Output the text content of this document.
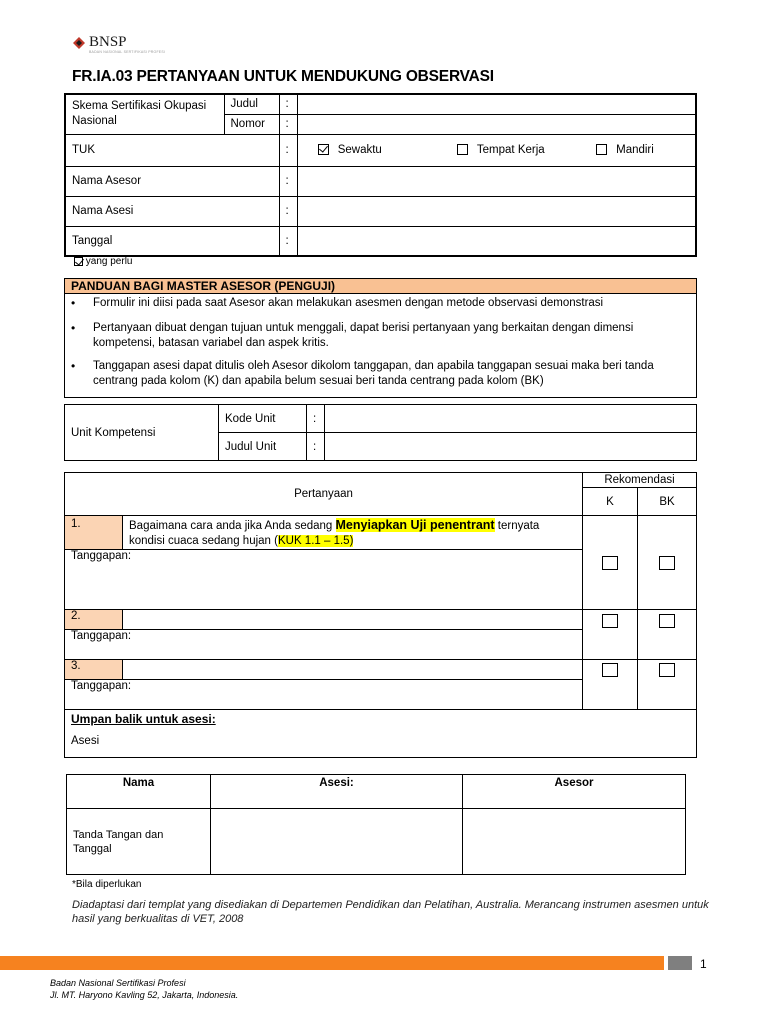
BNSP
BADAN NASIONAL SERTIFIKASI PROFESI
FR.IA.03 PERTANYAAN UNTUK MENDUKUNG OBSERVASI
Skema Sertifikasi Okupasi Nasional	Judul	:	
	Nomor	:	
TUK		:	Sewaktu Tempat Kerja Mandiri
Nama Asesor		:	
Nama Asesi		:	
Tanggal		:	
yang perlu
PANDUAN BAGI MASTER ASESOR (PENGUJI)

• Formulir ini diisi pada saat Asesor akan melakukan asesmen dengan metode observasi demonstrasi
• Pertanyaan dibuat dengan tujuan untuk menggali, dapat berisi pertanyaan yang berkaitan dengan dimensi kompetensi, batasan variabel dan aspek kritis.
• Tanggapan asesi dapat ditulis oleh Asesor dikolom tanggapan, dan apabila tanggapan sesuai maka beri tanda centrang pada kolom (K) dan apabila belum sesuai beri tanda centrang pada kolom (BK)
Unit Kompetensi	Kode Unit	:	
	Judul Unit	:	
Pertanyaan		Rekomendasi	
		K	BK
1.	Bagaimana cara anda jika Anda sedang Menyiapkan Uji penentrant ternyata kondisi cuaca sedang hujan (KUK 1.1 – 1.5)	

Tanggapan:			
2.		

Tanggapan:			
3.		

Tanggapan:			

Umpan balik untuk asesi:
Asesi			
Nama	Asesi:	Asesor
Tanda Tangan dan Tanggal		
*Bila diperlukan
Diadaptasi dari templat yang disediakan di Departemen Pendidikan dan Pelatihan, Australia. Merancang instrumen asesmen untuk hasil yang berkualitas di VET, 2008
1
Badan Nasional Sertifikasi Profesi
Jl. MT. Haryono Kavling 52, Jakarta, Indonesia.
